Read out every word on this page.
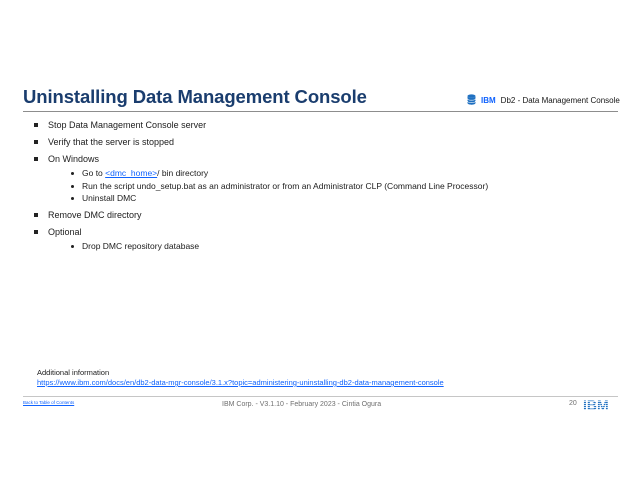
Uninstalling Data Management Console	IBM Db2 - Data Management Console
Stop Data Management Console server
Verify that the server is stopped
On Windows
Go to <dmc_home>/ bin directory
Run the script undo_setup.bat as an administrator or from an Administrator CLP (Command Line Processor)
Uninstall DMC
Remove DMC directory
Optional
Drop DMC repository database
Additional information
https://www.ibm.com/docs/en/db2-data-mgr-console/3.1.x?topic=administering-uninstalling-db2-data-management-console
Back to Table of Contents	IBM Corp. - V3.1.10 - February 2023 - Cintia Ogura	20 IBM
